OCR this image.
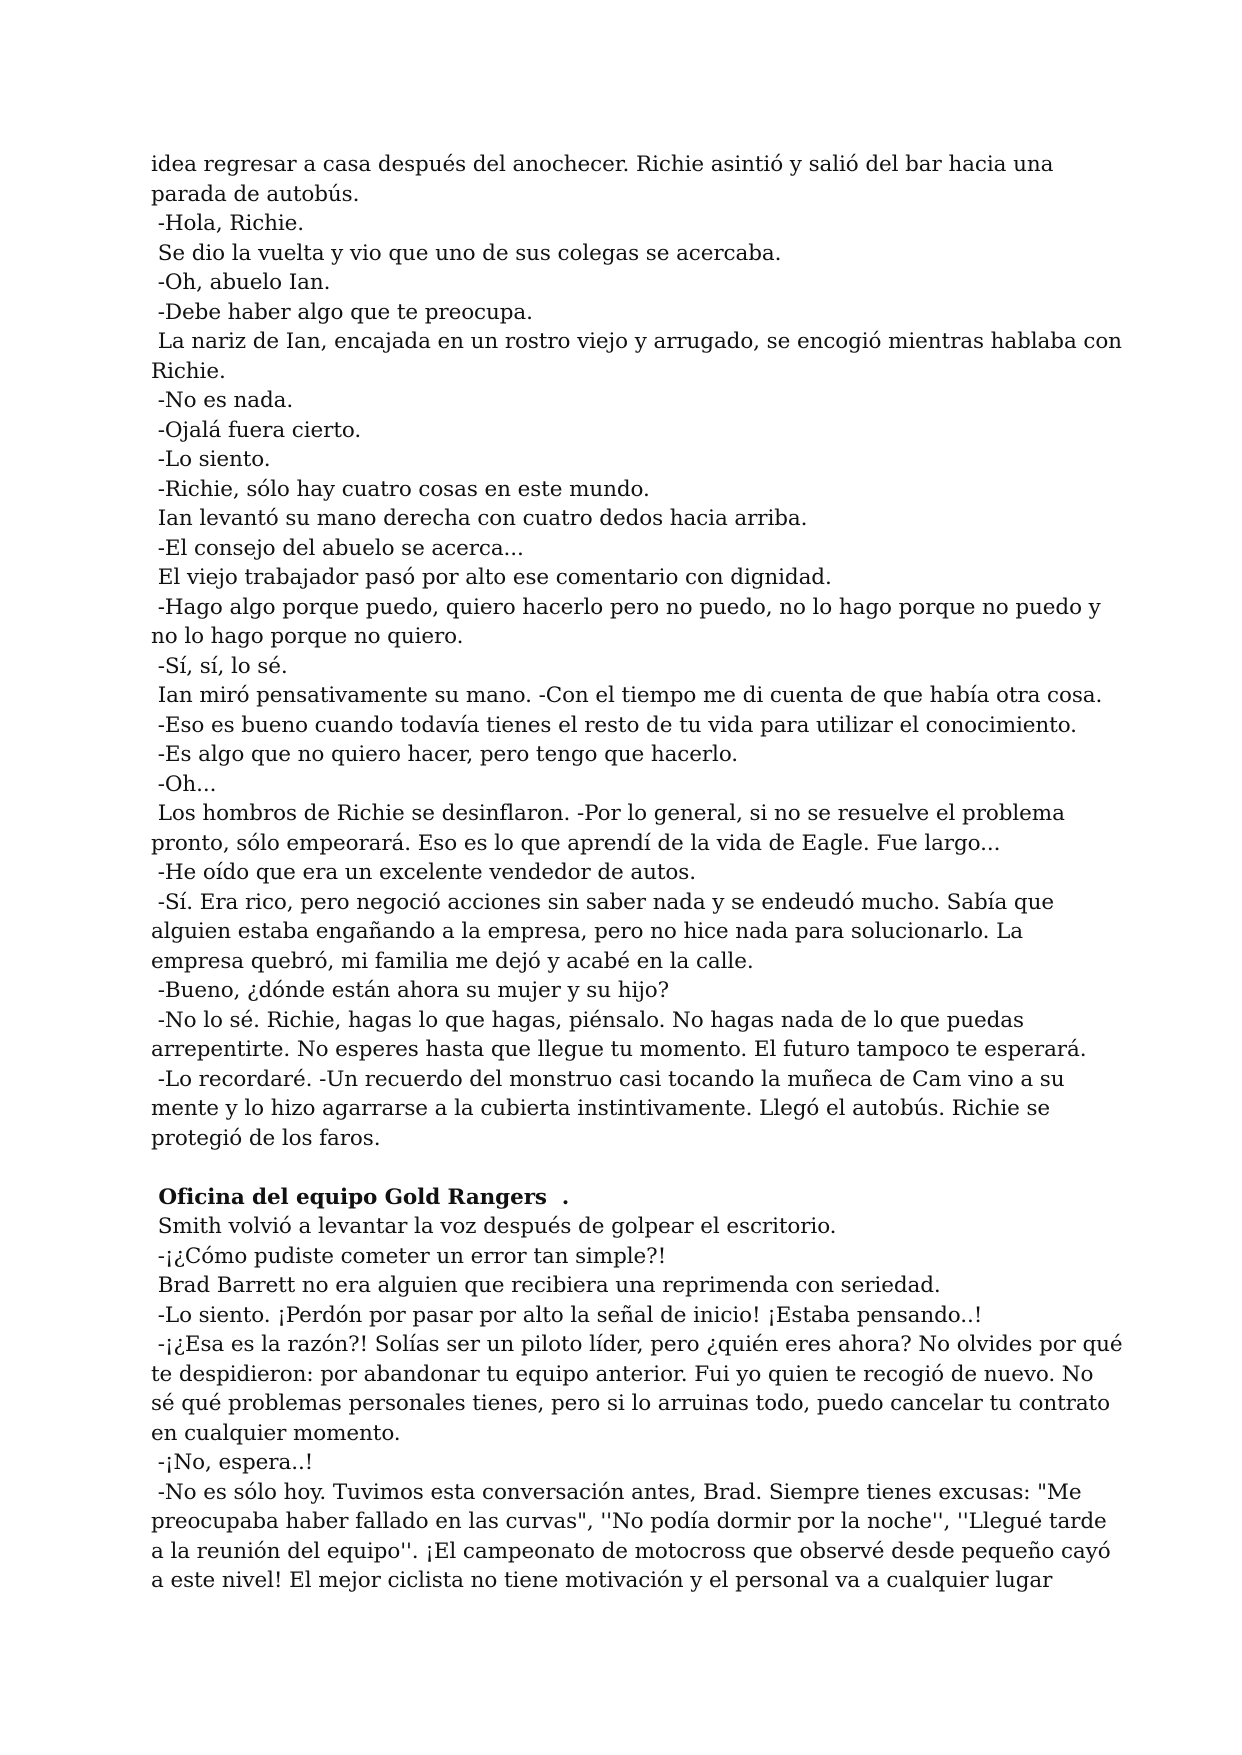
idea regresar a casa después del anochecer. Richie asintió y salió del bar hacia una
parada de autobús.
-Hola, Richie.
Se dio la vuelta y vio que uno de sus colegas se acercaba.
-Oh, abuelo Ian.
-Debe haber algo que te preocupa.
La nariz de Ian, encajada en un rostro viejo y arrugado, se encogió mientras hablaba con
Richie.
-No es nada.
-Ojalá fuera cierto.
-Lo siento.
-Richie, sólo hay cuatro cosas en este mundo.
Ian levantó su mano derecha con cuatro dedos hacia arriba.
-El consejo del abuelo se acerca...
El viejo trabajador pasó por alto ese comentario con dignidad.
-Hago algo porque puedo, quiero hacerlo pero no puedo, no lo hago porque no puedo y
no lo hago porque no quiero.
-Sí, sí, lo sé.
Ian miró pensativamente su mano. -Con el tiempo me di cuenta de que había otra cosa.
-Eso es bueno cuando todavía tienes el resto de tu vida para utilizar el conocimiento.
-Es algo que no quiero hacer, pero tengo que hacerlo.
-Oh...
Los hombros de Richie se desinflaron. -Por lo general, si no se resuelve el problema
pronto, sólo empeorará. Eso es lo que aprendí de la vida de Eagle. Fue largo...
-He oído que era un excelente vendedor de autos.
-Sí. Era rico, pero negoció acciones sin saber nada y se endeudó mucho. Sabía que
alguien estaba engañando a la empresa, pero no hice nada para solucionarlo. La
empresa quebró, mi familia me dejó y acabé en la calle.
-Bueno, ¿dónde están ahora su mujer y su hijo?
-No lo sé. Richie, hagas lo que hagas, piénsalo. No hagas nada de lo que puedas
arrepentirte. No esperes hasta que llegue tu momento. El futuro tampoco te esperará.
-Lo recordaré. -Un recuerdo del monstruo casi tocando la muñeca de Cam vino a su
mente y lo hizo agarrarse a la cubierta instintivamente. Llegó el autobús. Richie se
protegió de los faros.
Oficina del equipo Gold Rangers  .
Smith volvió a levantar la voz después de golpear el escritorio.
-¡¿Cómo pudiste cometer un error tan simple?!
Brad Barrett no era alguien que recibiera una reprimenda con seriedad.
-Lo siento. ¡Perdón por pasar por alto la señal de inicio! ¡Estaba pensando..!
-¡¿Esa es la razón?! Solías ser un piloto líder, pero ¿quién eres ahora? No olvides por qué
te despidieron: por abandonar tu equipo anterior. Fui yo quien te recogió de nuevo. No
sé qué problemas personales tienes, pero si lo arruinas todo, puedo cancelar tu contrato
en cualquier momento.
-¡No, espera..!
-No es sólo hoy. Tuvimos esta conversación antes, Brad. Siempre tienes excusas: "Me
preocupaba haber fallado en las curvas", ''No podía dormir por la noche'', ''Llegué tarde
a la reunión del equipo''. ¡El campeonato de motocross que observé desde pequeño cayó
a este nivel! El mejor ciclista no tiene motivación y el personal va a cualquier lugar
